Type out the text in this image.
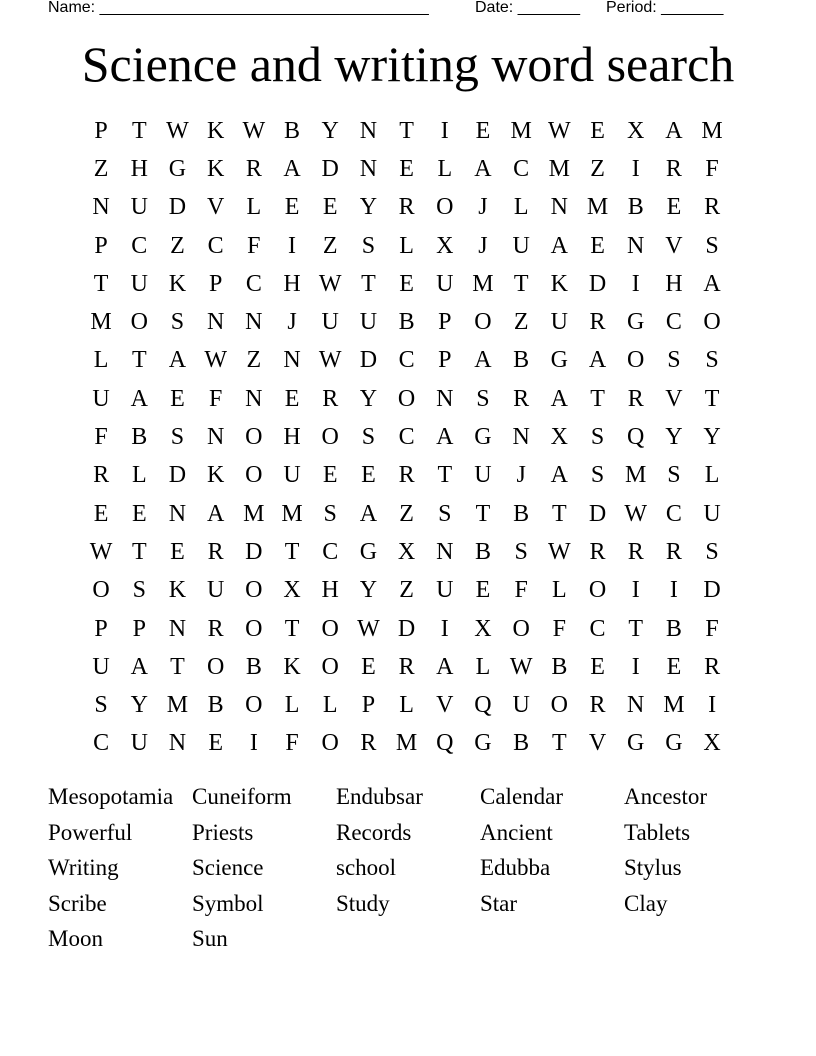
Name: _____________________________________	Date: _______ Period: _______
Science and writing word search
P	T W K W B Y N T	I	E M W E X A M
Z H G K R A D N E L A C M Z	I	R F
N U D V L E E Y R O	J	L N M B E R
P C Z C F	I	Z	S	L X	J	U A E N V S
T U K P C H W T E U M T K D	I	H A
M O S N N	J	U U B P O Z U R G C O
L T A W Z N W D C P A B G A O S	S
U A E	F N E R Y O N S R A T R V T
F B S N O H O S C A G N X S Q Y Y
R L D K O U E E R T U	J	A S M S	L
E E N A M M S A Z	S	T B T D W C U
W T E R D T C G X N B S W R R R S
O S K U O X H Y Z U E	F	L O	I	I	D
P	P N R O T O W D	I	X O F C T B F
U A T O B K O E R A L W B E	I	E R
S Y M B O L L	P	L V Q U O R N M I
C U N E	I	F O R M Q G B T V G G X
Mesopotamia Cuneiform	Endubsar	Calendar	Ancestor
Powerful	Priests	Records	Ancient	Tablets
Writing	Science	school	Edubba	Stylus
Scribe	Symbol	Study	Star	Clay
Moon	Sun
